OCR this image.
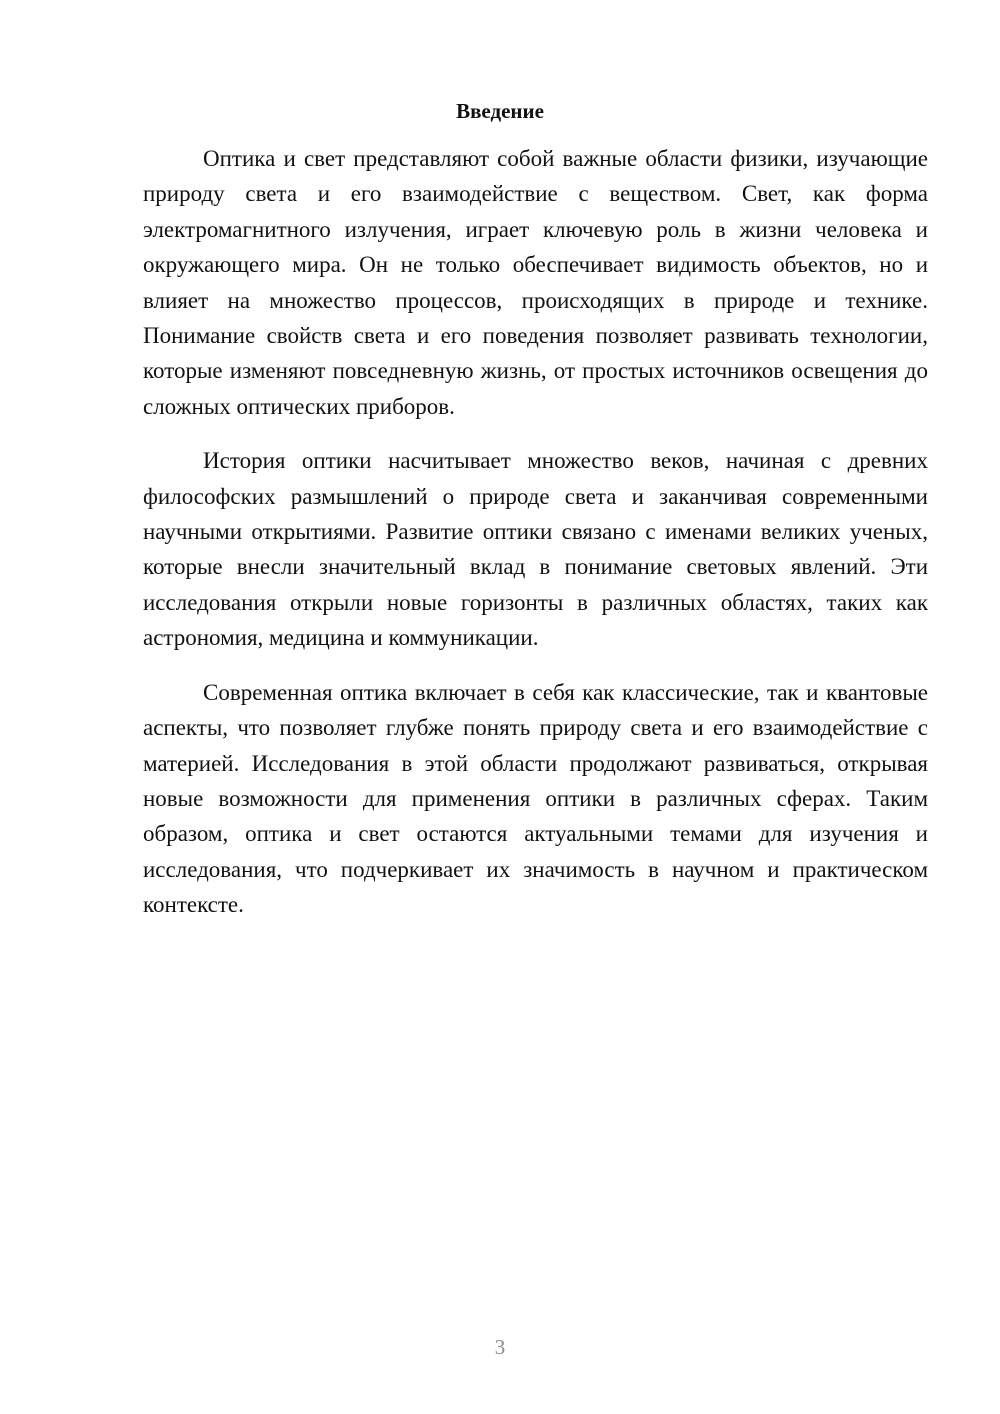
Введение

Оптика и свет представляют собой важные области физики, изучающие природу света и его взаимодействие с веществом. Свет, как форма электромагнитного излучения, играет ключевую роль в жизни человека и окружающего мира. Он не только обеспечивает видимость объектов, но и влияет на множество процессов, происходящих в природе и технике. Понимание свойств света и его поведения позволяет развивать технологии, которые изменяют повседневную жизнь, от простых источников освещения до сложных оптических приборов.

История оптики насчитывает множество веков, начиная с древних философских размышлений о природе света и заканчивая современными научными открытиями. Развитие оптики связано с именами великих ученых, которые внесли значительный вклад в понимание световых явлений. Эти исследования открыли новые горизонты в различных областях, таких как астрономия, медицина и коммуникации.

Современная оптика включает в себя как классические, так и квантовые аспекты, что позволяет глубже понять природу света и его взаимодействие с материей. Исследования в этой области продолжают развиваться, открывая новые возможности для применения оптики в различных сферах. Таким образом, оптика и свет остаются актуальными темами для изучения и исследования, что подчеркивает их значимость в научном и практическом контексте.

3
